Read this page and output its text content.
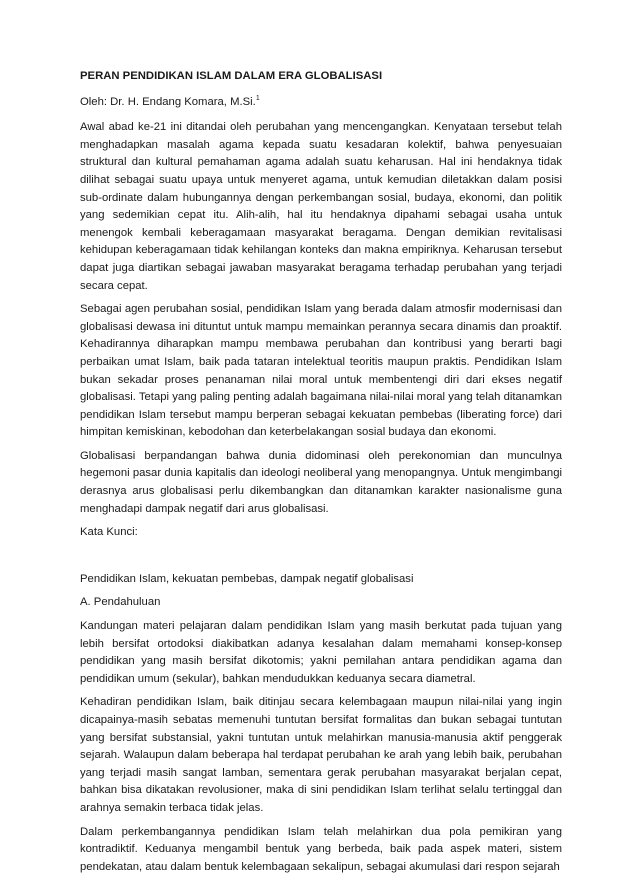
PERAN PENDIDIKAN ISLAM DALAM ERA GLOBALISASI

Oleh: Dr. H. Endang Komara, M.Si.$^1$

Awal abad ke-21 ini ditandai oleh perubahan yang mencengangkan. Kenyataan tersebut telah menghadapkan masalah agama kepada suatu kesadaran kolektif, bahwa penyesuaian struktural dan kultural pemahaman agama adalah suatu keharusan. Hal ini hendaknya tidak dilihat sebagai suatu upaya untuk menyeret agama, untuk kemudian diletakkan dalam posisi sub-ordinate dalam hubungannya dengan perkembangan sosial, budaya, ekonomi, dan politik yang sedemikian cepat itu. Alih-alih, hal itu hendaknya dipahami sebagai usaha untuk menengok kembali keberagamaan masyarakat beragama. Dengan demikian revitalisasi kehidupan keberagamaan tidak kehilangan konteks dan makna empiriknya. Keharusan tersebut dapat juga diartikan sebagai jawaban masyarakat beragama terhadap perubahan yang terjadi secara cepat.

Sebagai agen perubahan sosial, pendidikan Islam yang berada dalam atmosfir modernisasi dan globalisasi dewasa ini dituntut untuk mampu memainkan perannya secara dinamis dan proaktif. Kehadirannya diharapkan mampu membawa perubahan dan kontribusi yang berarti bagi perbaikan umat Islam, baik pada tataran intelektual teoritis maupun praktis. Pendidikan Islam bukan sekadar proses penanaman nilai moral untuk membentengi diri dari ekses negatif globalisasi. Tetapi yang paling penting adalah bagaimana nilai-nilai moral yang telah ditanamkan pendidikan Islam tersebut mampu berperan sebagai kekuatan pembebas (liberating force) dari himpitan kemiskinan, kebodohan dan keterbelakangan sosial budaya dan ekonomi.

Globalisasi berpandangan bahwa dunia didominasi oleh perekonomian dan munculnya hegemoni pasar dunia kapitalis dan ideologi neoliberal yang menopangnya. Untuk mengimbangi derasnya arus globalisasi perlu dikembangkan dan ditanamkan karakter nasionalisme guna menghadapi dampak negatif dari arus globalisasi.

Kata Kunci:

Pendidikan Islam, kekuatan pembebas, dampak negatif globalisasi

A. Pendahuluan

Kandungan materi pelajaran dalam pendidikan Islam yang masih berkutat pada tujuan yang lebih bersifat ortodoksi diakibatkan adanya kesalahan dalam memahami konsep-konsep pendidikan yang masih bersifat dikotomis; yakni pemilahan antara pendidikan agama dan pendidikan umum (sekular), bahkan mendudukkan keduanya secara diametral.

Kehadiran pendidikan Islam, baik ditinjau secara kelembagaan maupun nilai-nilai yang ingin dicapainya-masih sebatas memenuhi tuntutan bersifat formalitas dan bukan sebagai tuntutan yang bersifat substansial, yakni tuntutan untuk melahirkan manusia-manusia aktif penggerak sejarah. Walaupun dalam beberapa hal terdapat perubahan ke arah yang lebih baik, perubahan yang terjadi masih sangat lamban, sementara gerak perubahan masyarakat berjalan cepat, bahkan bisa dikatakan revolusioner, maka di sini pendidikan Islam terlihat selalu tertinggal dan arahnya semakin terbaca tidak jelas.

Dalam perkembangannya pendidikan Islam telah melahirkan dua pola pemikiran yang kontradiktif. Keduanya mengambil bentuk yang berbeda, baik pada aspek materi, sistem pendekatan, atau dalam bentuk kelembagaan sekalipun, sebagai akumulasi dari respon sejarah
